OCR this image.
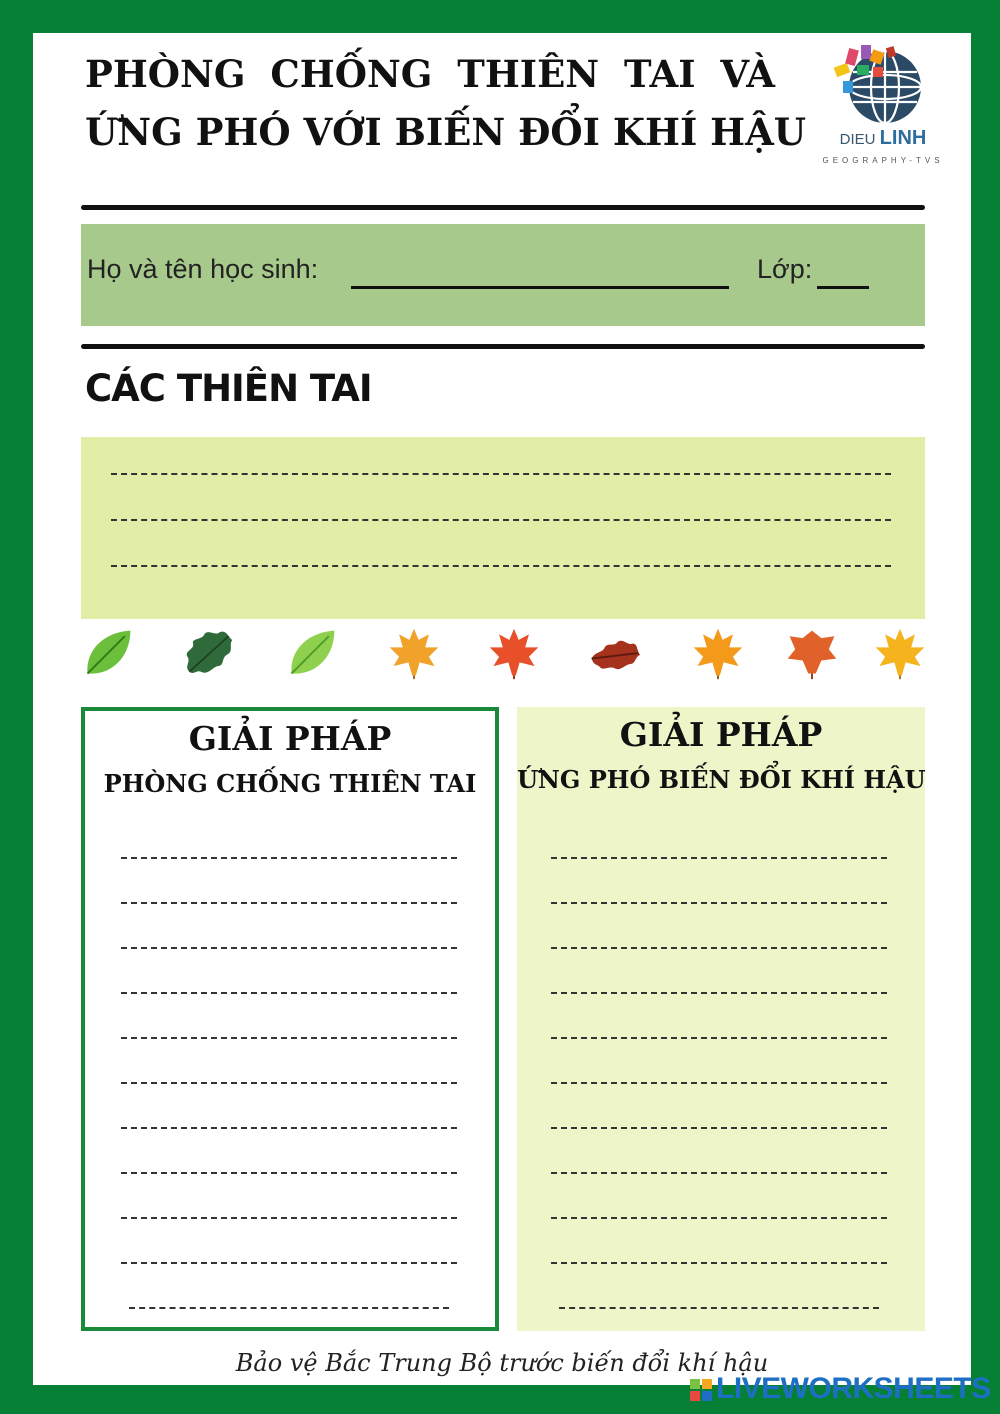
PHÒNG CHỐNG THIÊN TAI VÀ
ỨNG PHÓ VỚI BIẾN ĐỔI KHÍ HẬU	DIEU LINH
GEOGRAPHY-TVS
Họ và tên học sinh:	Lớp:
CÁC THIÊN TAI
GIẢI PHÁP
PHÒNG CHỐNG THIÊN TAI
GIẢI PHÁP
ỨNG PHÓ BIẾN ĐỔI KHÍ HẬU
Bảo vệ Bắc Trung Bộ trước biến đổi khí hậu
LIVEWORKSHEETS
